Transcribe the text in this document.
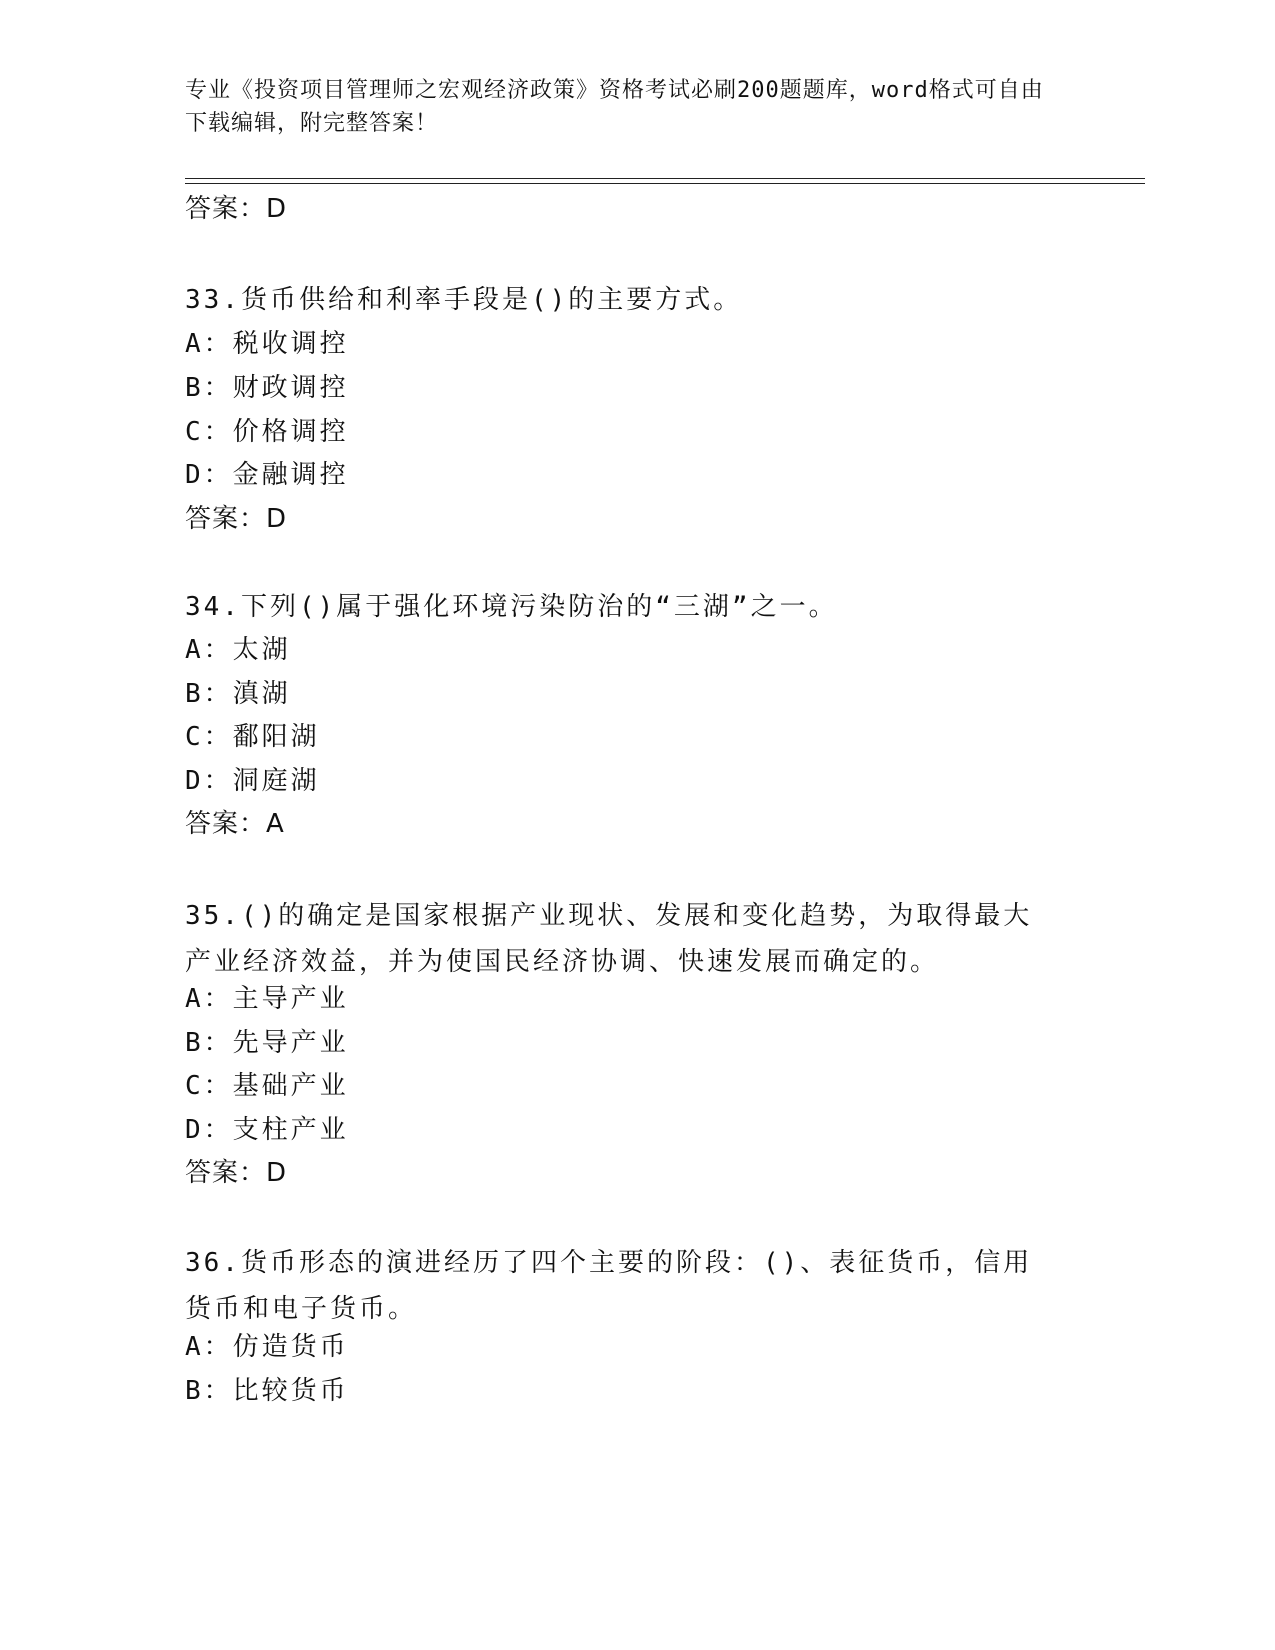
专业《投资项目管理师之宏观经济政策》资格考试必刷200题题库，word格式可自由下载编辑，附完整答案！
答案：D
33.货币供给和利率手段是()的主要方式。
A：税收调控
B：财政调控
C：价格调控
D：金融调控
答案：D
34.下列()属于强化环境污染防治的“三湖”之一。
A：太湖
B：滇湖
C：鄱阳湖
D：洞庭湖
答案：A
35.()的确定是国家根据产业现状、发展和变化趋势，为取得最大产业经济效益，并为使国民经济协调、快速发展而确定的。
A：主导产业
B：先导产业
C：基础产业
D：支柱产业
答案：D
36.货币形态的演进经历了四个主要的阶段：()、表征货币，信用货币和电子货币。
A：仿造货币
B：比较货币
